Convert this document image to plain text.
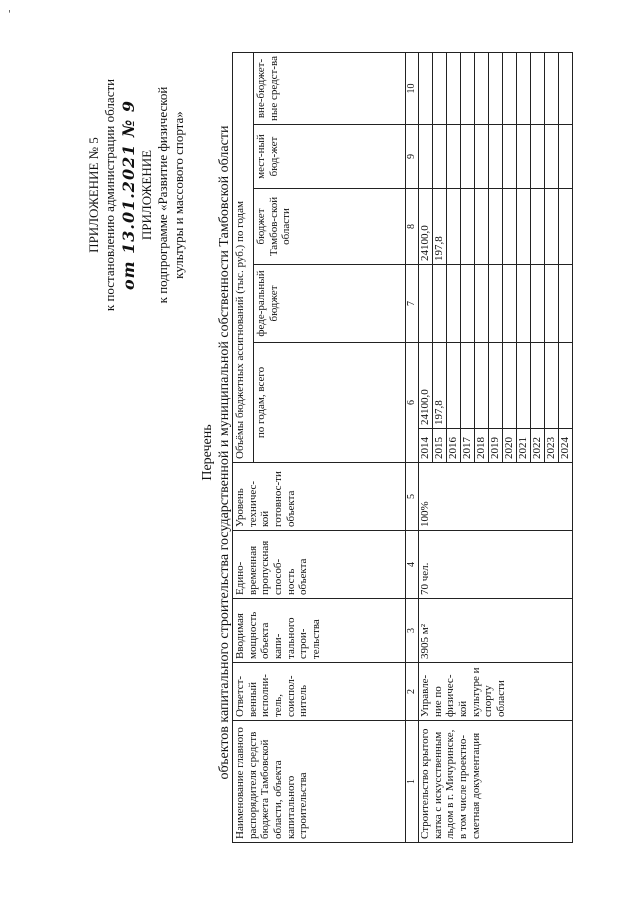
ПРИЛОЖЕНИЕ № 5 к постановлению администрации области от 13.01.2021 № 9 ПРИЛОЖЕНИЕ к подпрограмме «Развитие физической культуры и массового спорта»
Перечень объектов капитального строительства государственной и муниципальной собственности Тамбовской области
Наименование главного распорядителя средств бюджета Тамбовской области, объекта капитального строительства	Ответст-венный исполни-тель, соиспол-нитель	Вводимая мощность объекта капи-тального строи-тельства	Едино-временная пропускная способ-ность объекта	Уровень техничес-кой готовнос-ти объекта	Объёмы бюджетных ассигнований (тыс. руб.) по годам					
					по годам, всего		феде-ральный бюджет	бюджет Тамбов-ской области	мест-ный бюд-жет	вне-бюджет-ные средст-ва
1	2	3	4	5	6		7	8	9	10
Строительство крытого катка с искусственным льдом в г. Мичуринске, в том числе проектно-сметная документация	Управле-ние по физичес-кой культуре и спорту области	3905 м²	70 чел.	100%	2014	24100,0		24100,0		
					2015	197,8		197,8		
					2016					
					2017					
					2018					
					2019					
					2020					
					2021					
					2022					
					2023					
					2024					
-
